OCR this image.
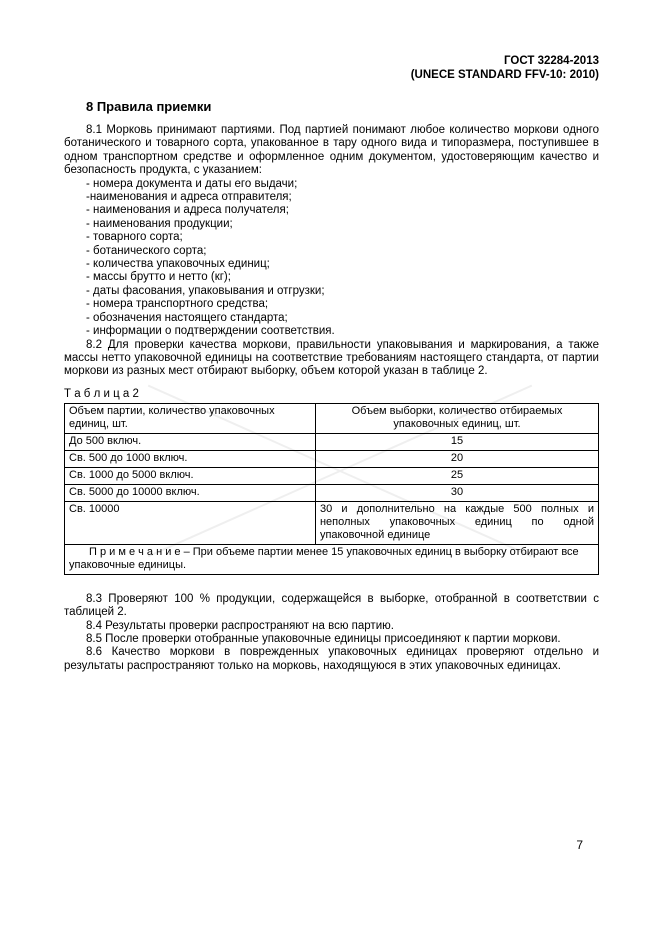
ГОСТ 32284-2013
(UNECE STANDARD FFV-10: 2010)
8 Правила приемки

8.1 Морковь принимают партиями. Под партией понимают любое количество моркови одного ботанического и товарного сорта, упакованное в тару одного вида и типоразмера, поступившее в одном транспортном средстве и оформленное одним документом, удостоверяющим качество и безопасность продукта, с указанием:

- номера документа и даты его выдачи;
-наименования и адреса отправителя;
- наименования и адреса получателя;
- наименования продукции;
- товарного сорта;
- ботанического сорта;
- количества упаковочных единиц;
- массы брутто и нетто (кг);
- даты фасования, упаковывания и отгрузки;
- номера транспортного средства;
- обозначения настоящего стандарта;
- информации о подтверждении соответствия.

8.2 Для проверки качества моркови, правильности упаковывания и маркирования, а также массы нетто упаковочной единицы на соответствие требованиям настоящего стандарта, от партии моркови из разных мест отбирают выборку, объем которой указан в таблице 2.

Т а б л и ц а 2
Объем партии, количество упаковочных единиц, шт.	Объем выборки, количество отбираемых упаковочных единиц, шт.
До 500 включ.	15
Св. 500 до 1000 включ.	20
Св. 1000 до 5000 включ.	25
Св. 5000 до 10000 включ.	30
Св. 10000	30 и дополнительно на каждые 500 полных и неполных упаковочных единиц по одной упаковочной единице
П р и м е ч а н и е – При объеме партии менее 15 упаковочных единиц в выборку отбирают все упаковочные единицы.	

8.3 Проверяют 100 % продукции, содержащейся в выборке, отобранной в соответствии с таблицей 2.

8.4 Результаты проверки распространяют на всю партию.

8.5 После проверки отобранные упаковочные единицы присоединяют к партии моркови.

8.6 Качество моркови в поврежденных упаковочных единицах проверяют отдельно и результаты распространяют только на морковь, находящуюся в этих упаковочных единицах.

7
